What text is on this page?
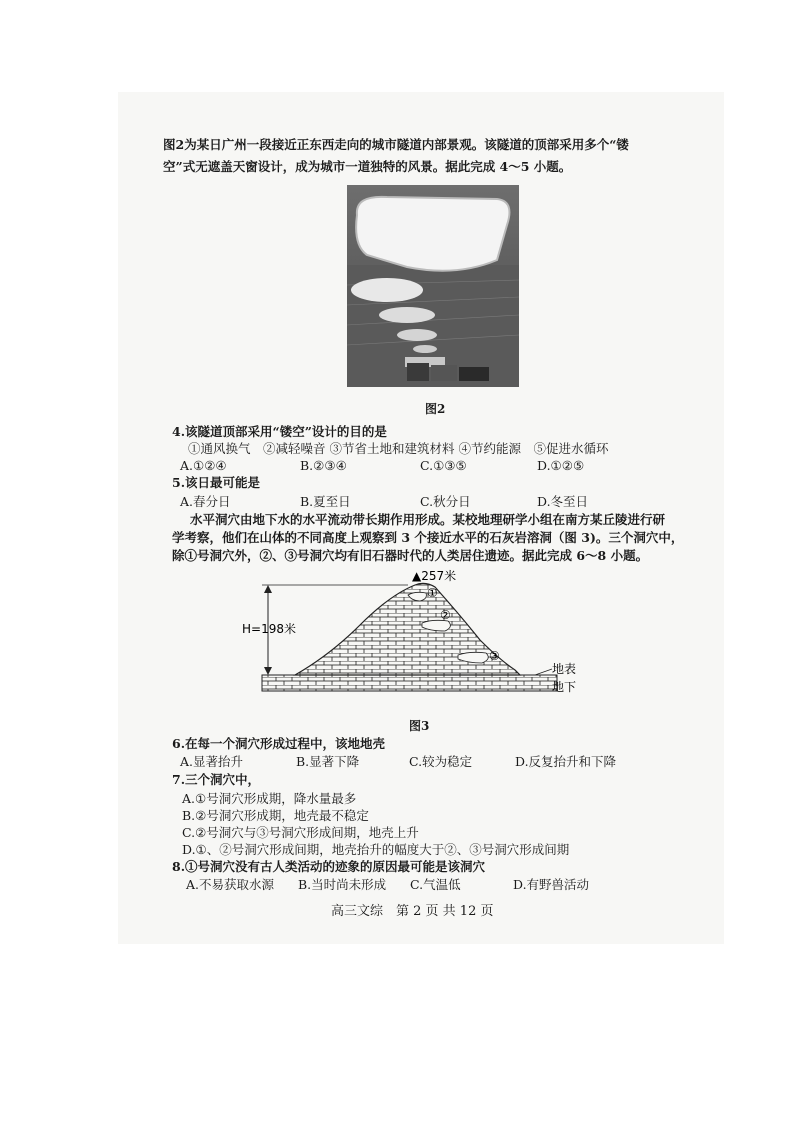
图2为某日广州一段接近正东西走向的城市隧道内部景观。该隧道的顶部采用多个“镂
空”式无遮盖天窗设计，成为城市一道独特的风景。据此完成 4～5 小题。
图2
4.该隧道顶部采用“镂空”设计的目的是
①通风换气　②减轻噪音 ③节省土地和建筑材料 ④节约能源　⑤促进水循环
A.①②④	B.②③④	C.①③⑤	D.①②⑤
5.该日最可能是
A.春分日	B.夏至日	C.秋分日	D.冬至日
水平洞穴由地下水的水平流动带长期作用形成。某校地理研学小组在南方某丘陵进行研
学考察，他们在山体的不同高度上观察到 3 个接近水平的石灰岩溶洞（图 3)。三个洞穴中，
除①号洞穴外，②、③号洞穴均有旧石器时代的人类居住遗迹。据此完成 6～8 小题。
①
②
③
▲257米
H=198米
地表
地下
图3
6.在每一个洞穴形成过程中，该地地壳
A.显著抬升	B.显著下降	C.较为稳定	D.反复抬升和下降
7.三个洞穴中，
A.①号洞穴形成期，降水量最多
B.②号洞穴形成期，地壳最不稳定
C.②号洞穴与③号洞穴形成间期，地壳上升
D.①、②号洞穴形成间期，地壳抬升的幅度大于②、③号洞穴形成间期
8.①号洞穴没有古人类活动的迹象的原因最可能是该洞穴
A.不易获取水源 B.当时尚未形成 C.气温低	D.有野兽活动
高三文综　第 2 页 共 12 页
